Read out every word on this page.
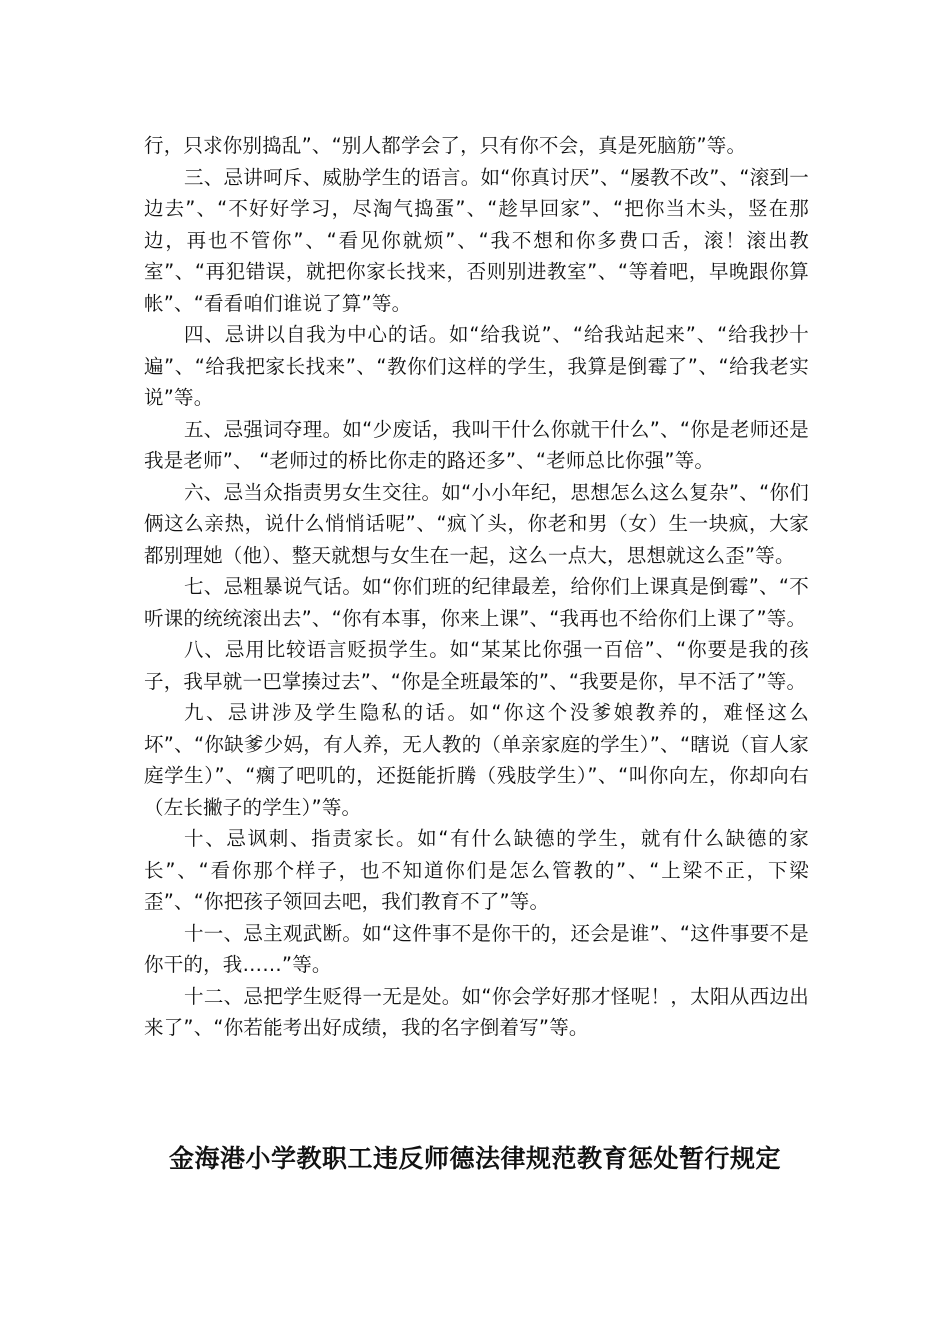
行，只求你别捣乱”、“别人都学会了，只有你不会，真是死脑筋”等。

三、忌讲呵斥、威胁学生的语言。如“你真讨厌”、“屡教不改”、“滚到一边去”、“不好好学习，尽淘气捣蛋”、“趁早回家”、“把你当木头，竖在那边，再也不管你”、“看见你就烦”、“我不想和你多费口舌，滚！滚出教室”、“再犯错误，就把你家长找来，否则别进教室”、“等着吧，早晚跟你算帐”、“看看咱们谁说了算”等。

四、忌讲以自我为中心的话。如“给我说”、“给我站起来”、“给我抄十遍”、“给我把家长找来”、“教你们这样的学生，我算是倒霉了”、“给我老实说”等。

五、忌强词夺理。如“少废话，我叫干什么你就干什么”、“你是老师还是我是老师”、 “老师过的桥比你走的路还多”、“老师总比你强”等。

六、忌当众指责男女生交往。如“小小年纪，思想怎么这么复杂”、“你们俩这么亲热，说什么悄悄话呢”、“疯丫头，你老和男（女）生一块疯，大家都别理她（他）、整天就想与女生在一起，这么一点大，思想就这么歪”等。

七、忌粗暴说气话。如“你们班的纪律最差，给你们上课真是倒霉”、“不听课的统统滚出去”、“你有本事，你来上课”、“我再也不给你们上课了”等。

八、忌用比较语言贬损学生。如“某某比你强一百倍”、“你要是我的孩子，我早就一巴掌揍过去”、“你是全班最笨的”、“我要是你，早不活了”等。

九、忌讲涉及学生隐私的话。如“你这个没爹娘教养的，难怪这么坏”、“你缺爹少妈，有人养，无人教的（单亲家庭的学生）”、“瞎说（盲人家庭学生）”、“瘸了吧叽的，还挺能折腾（残肢学生）”、“叫你向左，你却向右（左长撇子的学生）”等。

十、忌讽刺、指责家长。如“有什么缺德的学生，就有什么缺德的家长”、“看你那个样子，也不知道你们是怎么管教的”、“上梁不正，下梁歪”、“你把孩子领回去吧，我们教育不了”等。

十一、忌主观武断。如“这件事不是你干的，还会是谁”、“这件事要不是你干的，我……”等。

十二、忌把学生贬得一无是处。如“你会学好那才怪呢！，太阳从西边出来了”、“你若能考出好成绩，我的名字倒着写”等。

金海港小学教职工违反师德法律规范教育惩处暂行规定
